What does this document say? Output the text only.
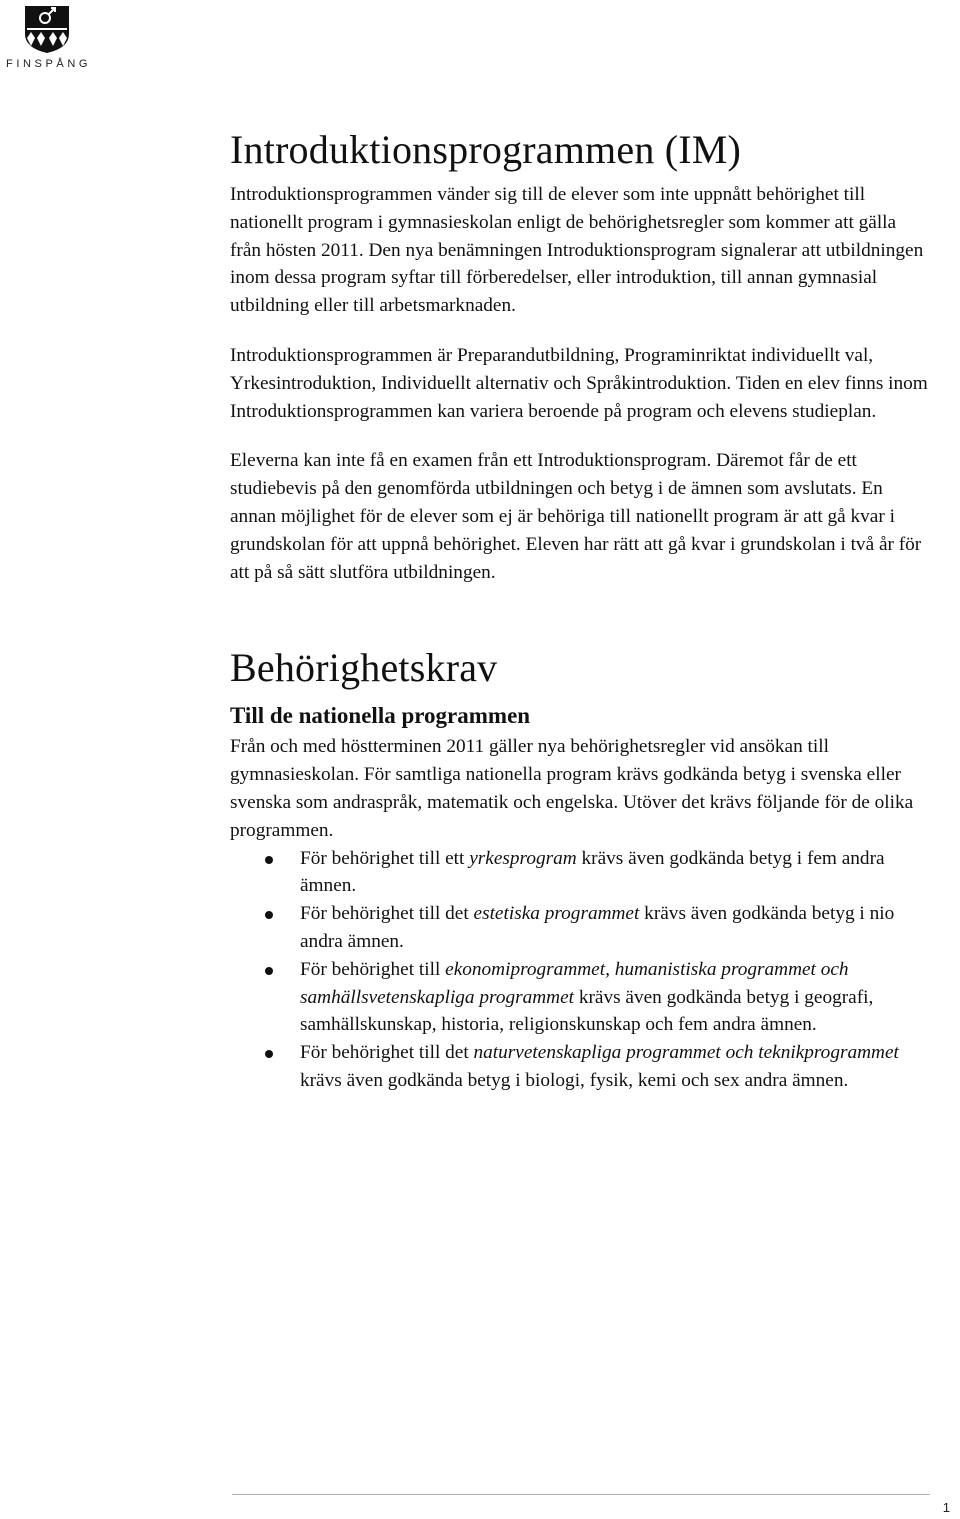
FINSPÅNG
Introduktionsprogrammen (IM)

Introduktionsprogrammen vänder sig till de elever som inte uppnått behörighet till nationellt program i gymnasieskolan enligt de behörighetsregler som kommer att gälla från hösten 2011. Den nya benämningen Introduktionsprogram signalerar att utbildningen inom dessa program syftar till förberedelser, eller introduktion, till annan gymnasial utbildning eller till arbetsmarknaden.

Introduktionsprogrammen är Preparandutbildning, Programinriktat individuellt val, Yrkesintroduktion, Individuellt alternativ och Språkintroduktion. Tiden en elev finns inom Introduktionsprogrammen kan variera beroende på program och elevens studieplan.

Eleverna kan inte få en examen från ett Introduktionsprogram. Däremot får de ett studiebevis på den genomförda utbildningen och betyg i de ämnen som avslutats. En annan möjlighet för de elever som ej är behöriga till nationellt program är att gå kvar i grundskolan för att uppnå behörighet. Eleven har rätt att gå kvar i grundskolan i två år för att på så sätt slutföra utbildningen.

Behörighetskrav
Till de nationella programmen

Från och med höstterminen 2011 gäller nya behörighetsregler vid ansökan till gymnasieskolan. För samtliga nationella program krävs godkända betyg i svenska eller svenska som andraspråk, matematik och engelska. Utöver det krävs följande för de olika programmen.

För behörighet till ett yrkesprogram krävs även godkända betyg i fem andra ämnen.
För behörighet till det estetiska programmet krävs även godkända betyg i nio andra ämnen.
För behörighet till ekonomiprogrammet, humanistiska programmet och samhällsvetenskapliga programmet krävs även godkända betyg i geografi, samhällskunskap, historia, religionskunskap och fem andra ämnen.
För behörighet till det naturvetenskapliga programmet och teknikprogrammet krävs även godkända betyg i biologi, fysik, kemi och sex andra ämnen.
1
